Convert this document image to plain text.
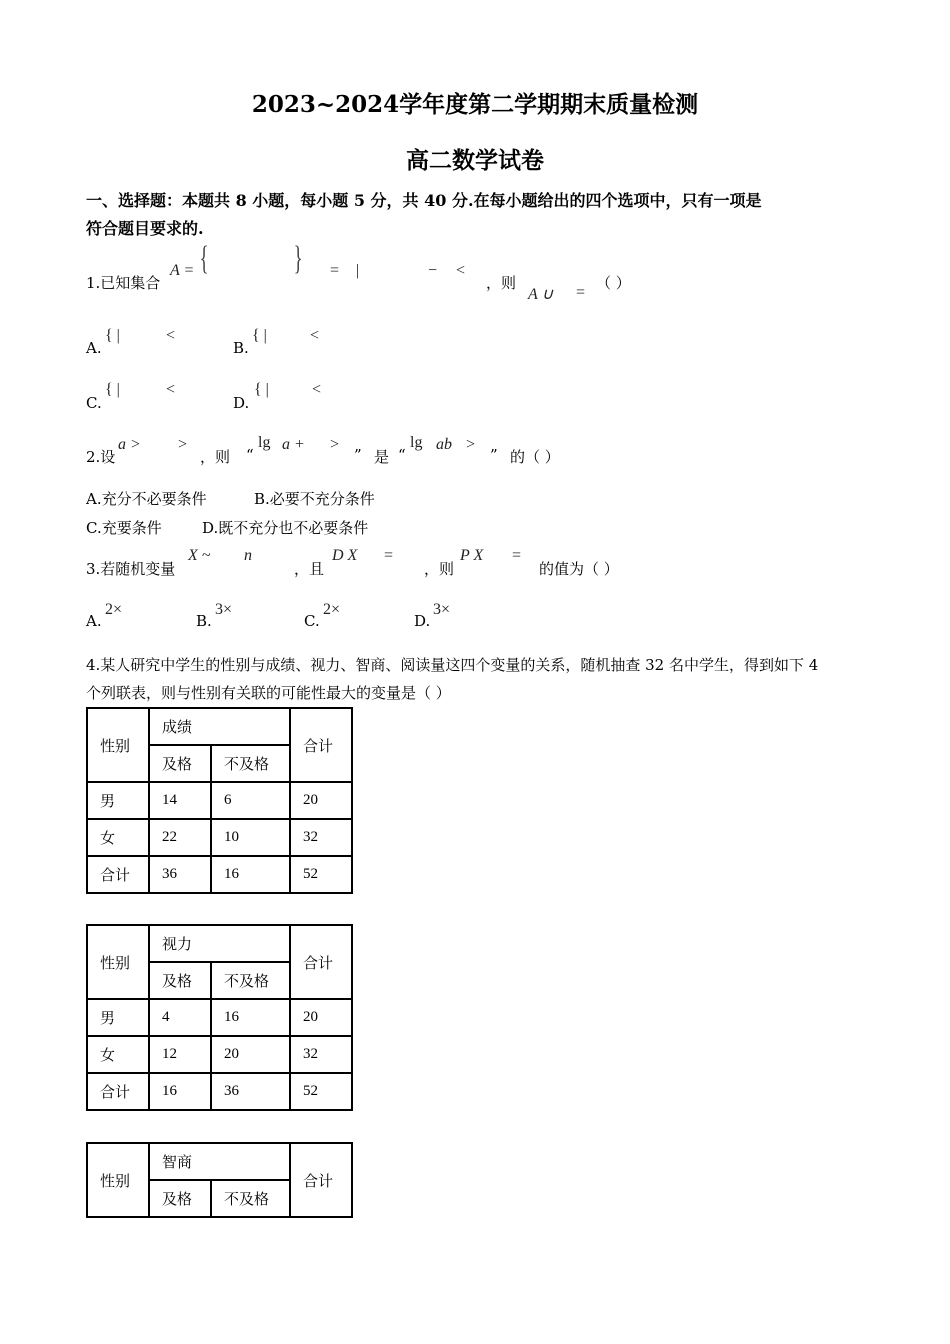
2023~2024学年度第二学期期末质量检测
高二数学试卷
一、选择题：本题共 8 小题，每小题 5 分，共 40 分.在每小题给出的四个选项中，只有一项是
符合题目要求的.
1.已知集合
A = {	} = |	− <
，则
A ∪ =
（ ）
A.
{ |	<
B.
{ |	<
C.
{ |	<
D.
{ |	<
2.设
a > >
，则 “
lg a + >
” 是 “
lg ab >
” 的（ ）
A.充分不必要条件	B.必要不充分条件
C.充要条件	D.既不充分也不必要条件
3.若随机变量
X ~ n
，且
D X =
，则
P X =
的值为（ ）
A.
2×
B.
3×
C.
2×
D.
3×
4.某人研究中学生的性别与成绩、视力、智商、阅读量这四个变量的关系，随机抽查 32 名中学生，得到如下 4
个列联表，则与性别有关联的可能性最大的变量是（ ）
性别	成绩		合计
	及格	不及格	
男	14	6	20
女	22	10	32
合计	36	16	52
性别	视力		合计
	及格	不及格	
男	4	16	20
女	12	20	32
合计	16	36	52
性别	智商		合计
	及格	不及格	
